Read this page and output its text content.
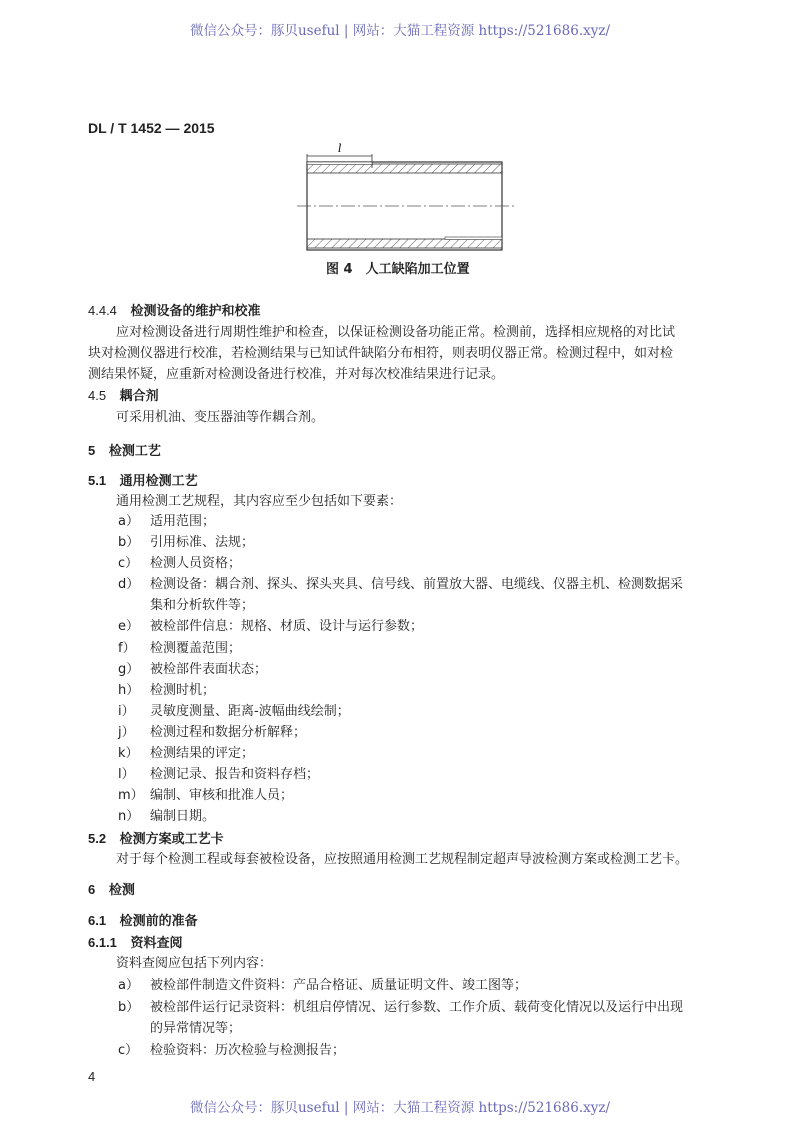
微信公众号：豚贝useful | 网站：大猫工程资源 https://521686.xyz/
DL / T 1452 — 2015
l
图 4　人工缺陷加工位置
4.4.4 检测设备的维护和校准
应对检测设备进行周期性维护和检查，以保证检测设备功能正常。检测前，选择相应规格的对比试
块对检测仪器进行校准，若检测结果与已知试件缺陷分布相符，则表明仪器正常。检测过程中，如对检
测结果怀疑，应重新对检测设备进行校准，并对每次校准结果进行记录。
4.5 耦合剂
可采用机油、变压器油等作耦合剂。
5 检测工艺
5.1 通用检测工艺
通用检测工艺规程，其内容应至少包括如下要素：
a） 适用范围；
b） 引用标准、法规；
c） 检测人员资格；
d） 检测设备：耦合剂、探头、探头夹具、信号线、前置放大器、电缆线、仪器主机、检测数据采
集和分析软件等；
e） 被检部件信息：规格、材质、设计与运行参数；
f） 检测覆盖范围；
g） 被检部件表面状态；
h） 检测时机；
i） 灵敏度测量、距离-波幅曲线绘制；
j） 检测过程和数据分析解释；
k） 检测结果的评定；
l） 检测记录、报告和资料存档；
m） 编制、审核和批准人员；
n） 编制日期。
5.2 检测方案或工艺卡
对于每个检测工程或每套被检设备，应按照通用检测工艺规程制定超声导波检测方案或检测工艺卡。
6 检测
6.1 检测前的准备
6.1.1 资料查阅
资料查阅应包括下列内容：
a） 被检部件制造文件资料：产品合格证、质量证明文件、竣工图等；
b） 被检部件运行记录资料：机组启停情况、运行参数、工作介质、载荷变化情况以及运行中出现
的异常情况等；
c） 检验资料：历次检验与检测报告；
4
微信公众号：豚贝useful | 网站：大猫工程资源 https://521686.xyz/
